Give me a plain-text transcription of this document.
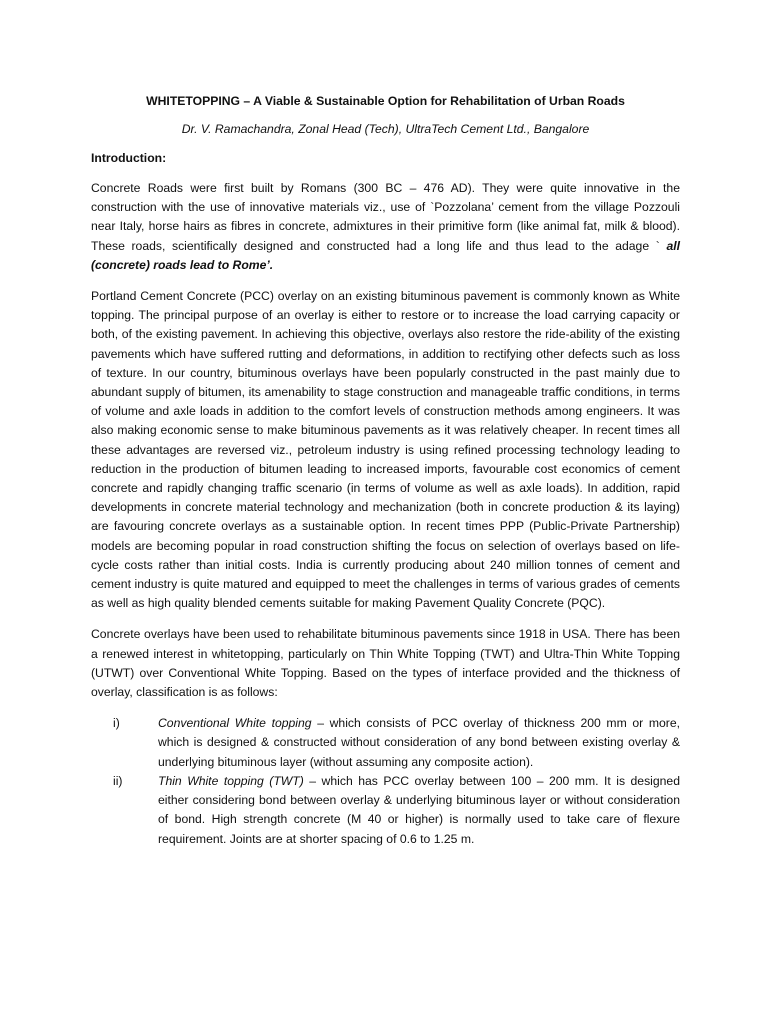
WHITETOPPING – A Viable & Sustainable Option for Rehabilitation of Urban Roads
Dr. V. Ramachandra, Zonal Head (Tech), UltraTech Cement Ltd., Bangalore
Introduction:

Concrete Roads were first built by Romans (300 BC – 476 AD). They were quite innovative in the construction with the use of innovative materials viz., use of `Pozzolana’ cement from the village Pozzouli near Italy, horse hairs as fibres in concrete, admixtures in their primitive form (like animal fat, milk & blood). These roads, scientifically designed and constructed had a long life and thus lead to the adage ` all (concrete) roads lead to Rome’.

Portland Cement Concrete (PCC) overlay on an existing bituminous pavement is commonly known as White topping. The principal purpose of an overlay is either to restore or to increase the load carrying capacity or both, of the existing pavement. In achieving this objective, overlays also restore the ride-ability of the existing pavements which have suffered rutting and deformations, in addition to rectifying other defects such as loss of texture. In our country, bituminous overlays have been popularly constructed in the past mainly due to abundant supply of bitumen, its amenability to stage construction and manageable traffic conditions, in terms of volume and axle loads in addition to the comfort levels of construction methods among engineers. It was also making economic sense to make bituminous pavements as it was relatively cheaper. In recent times all these advantages are reversed viz., petroleum industry is using refined processing technology leading to reduction in the production of bitumen leading to increased imports, favourable cost economics of cement concrete and rapidly changing traffic scenario (in terms of volume as well as axle loads). In addition, rapid developments in concrete material technology and mechanization (both in concrete production & its laying) are favouring concrete overlays as a sustainable option. In recent times PPP (Public-Private Partnership) models are becoming popular in road construction shifting the focus on selection of overlays based on life-cycle costs rather than initial costs. India is currently producing about 240 million tonnes of cement and cement industry is quite matured and equipped to meet the challenges in terms of various grades of cements as well as high quality blended cements suitable for making Pavement Quality Concrete (PQC).

Concrete overlays have been used to rehabilitate bituminous pavements since 1918 in USA. There has been a renewed interest in whitetopping, particularly on Thin White Topping (TWT) and Ultra-Thin White Topping (UTWT) over Conventional White Topping. Based on the types of interface provided and the thickness of overlay, classification is as follows:

i)	Conventional White topping – which consists of PCC overlay of thickness 200 mm or more, which is designed & constructed without consideration of any bond between existing overlay & underlying bituminous layer (without assuming any composite action).
ii)	Thin White topping (TWT) – which has PCC overlay between 100 – 200 mm. It is designed either considering bond between overlay & underlying bituminous layer or without consideration of bond. High strength concrete (M 40 or higher) is normally used to take care of flexure requirement. Joints are at shorter spacing of 0.6 to 1.25 m.
